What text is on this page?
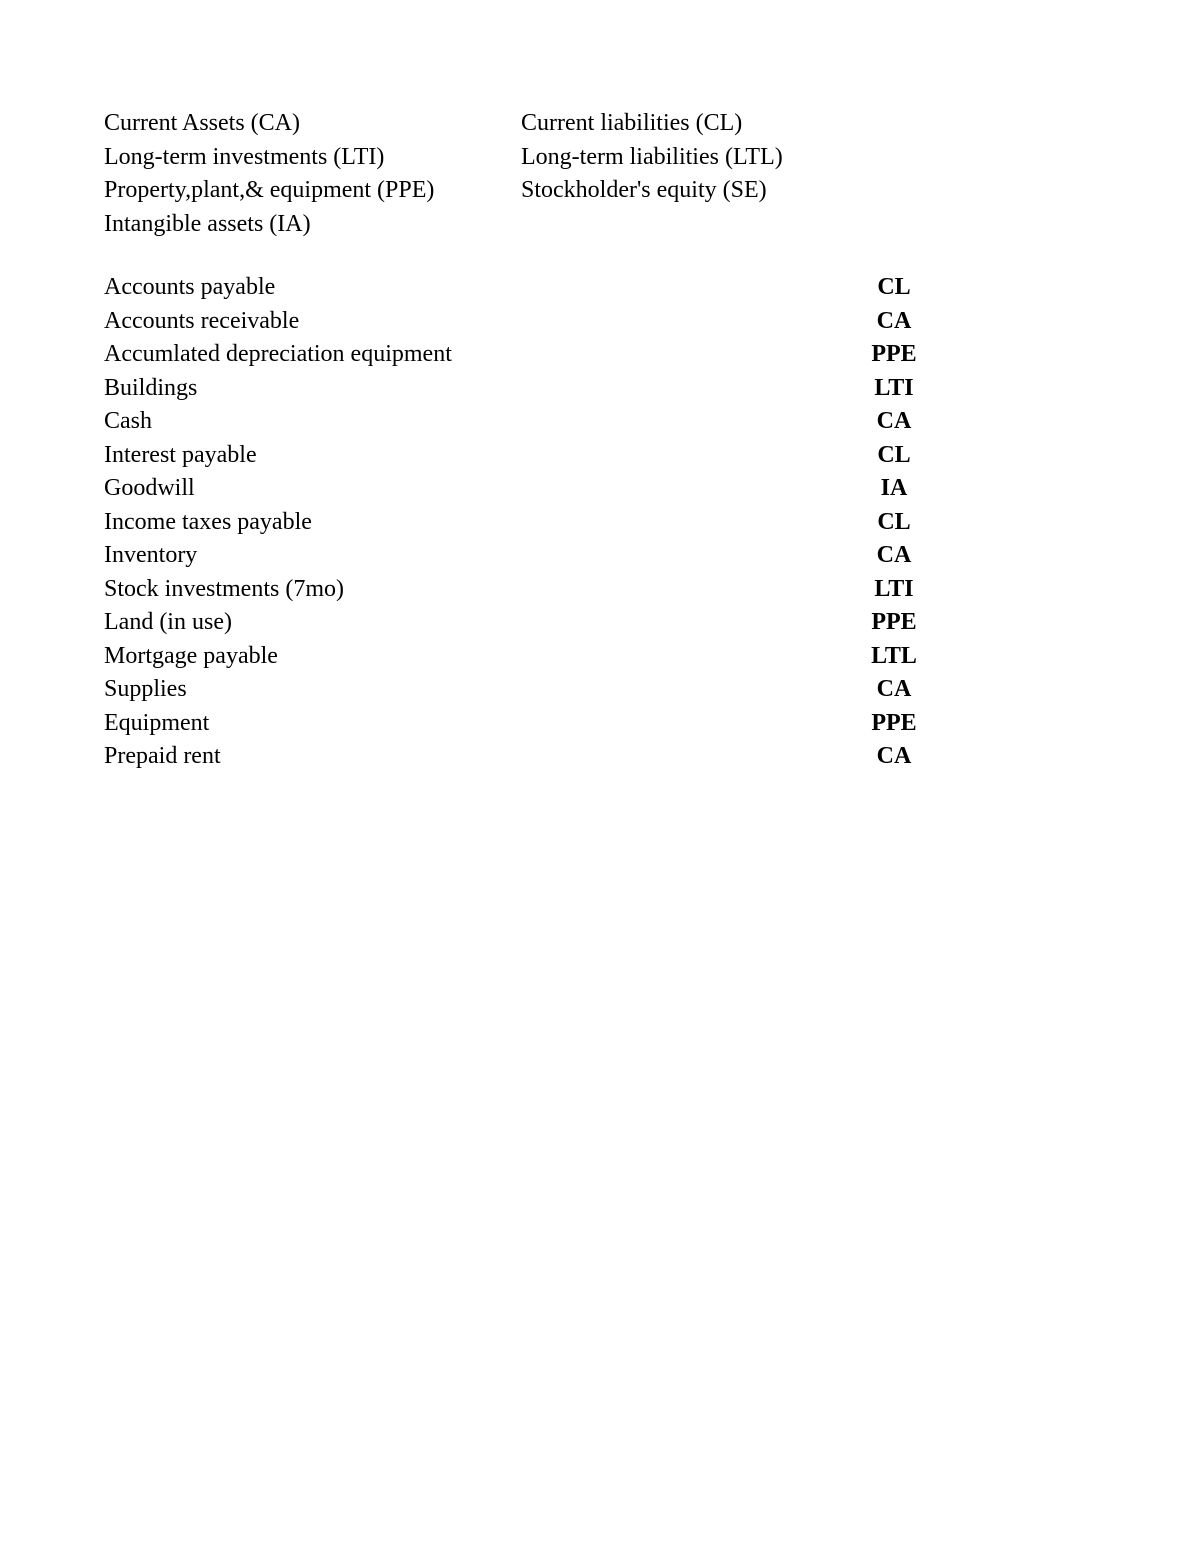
Current Assets (CA)	Current liabilities (CL)
Long-term investments (LTI)	Long-term liabilities (LTL)
Property,plant,& equipment (PPE)	Stockholder's equity (SE)
Intangible assets (IA)
Accounts payable	CL
Accounts receivable	CA
Accumlated depreciation equipment	PPE
Buildings	LTI
Cash	CA
Interest payable	CL
Goodwill	IA
Income taxes payable	CL
Inventory	CA
Stock investments (7mo)	LTI
Land (in use)	PPE
Mortgage payable	LTL
Supplies	CA
Equipment	PPE
Prepaid rent	CA
